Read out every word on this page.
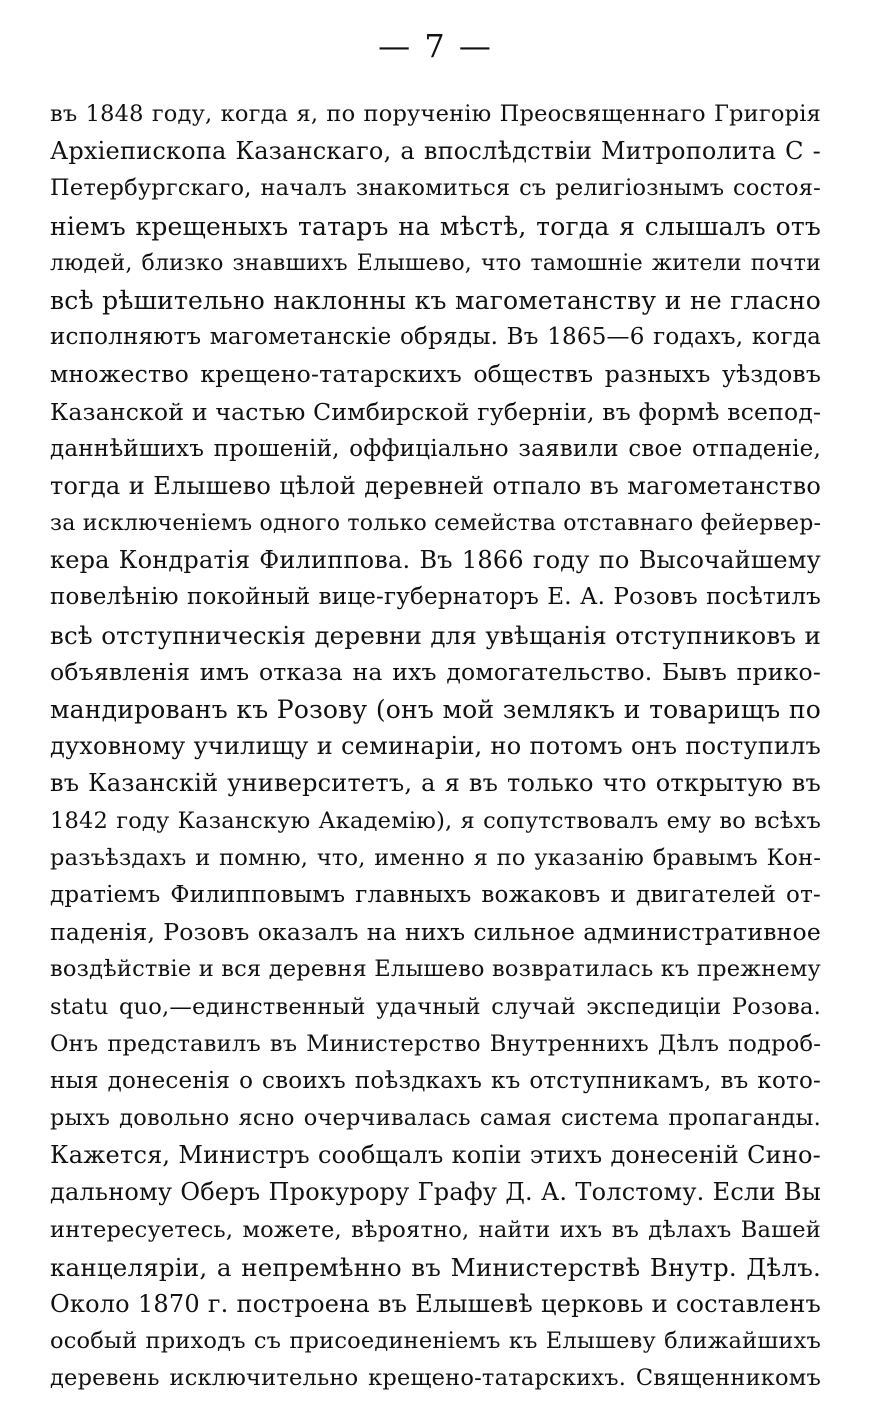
— 7 —
въ 1848 году, когда я, по порученію Преосвященнаго Григорія
Архіепископа Казанскаго, а впослѣдствіи Митрополита С -
Петербургскаго, началъ знакомиться съ религіознымъ состоя-
ніемъ крещеныхъ татаръ на мѣстѣ, тогда я слышалъ отъ
людей, близко знавшихъ Елышево, что тамошніе жители почти
всѣ рѣшительно наклонны къ магометанству и не гласно
исполняютъ магометанскіе обряды. Въ 1865—6 годахъ, когда
множество крещено-татарскихъ обществъ разныхъ уѣздовъ
Казанской и частью Симбирской губерніи, въ формѣ всепод-
даннѣйшихъ прошеній, оффиціально заявили свое отпаденіе,
тогда и Елышево цѣлой деревней отпало въ магометанство
за исключеніемъ одного только семейства отставнаго фейервер-
кера Кондратія Филиппова. Въ 1866 году по Высочайшему
повелѣнію покойный вице-губернаторъ Е. А. Розовъ посѣтилъ
всѣ отступническія деревни для увѣщанія отступниковъ и
объявленія имъ отказа на ихъ домогательство. Бывъ прико-
мандированъ къ Розову (онъ мой землякъ и товарищъ по
духовному училищу и семинаріи, но потомъ онъ поступилъ
въ Казанскій университетъ, а я въ только что открытую въ
1842 году Казанскую Академію), я сопутствовалъ ему во всѣхъ
разъѣздахъ и помню, что, именно я по указанію бравымъ Кон-
дратіемъ Филипповымъ главныхъ вожаковъ и двигателей от-
паденія, Розовъ оказалъ на нихъ сильное административное
воздѣйствіе и вся деревня Елышево возвратилась къ прежнему
statu quo,—единственный удачный случай экспедиціи Розова.
Онъ представилъ въ Министерство Внутреннихъ Дѣлъ подроб-
ныя донесенія о своихъ поѣздкахъ къ отступникамъ, въ кото-
рыхъ довольно ясно очерчивалась самая система пропаганды.
Кажется, Министръ сообщалъ копіи этихъ донесеній Сино-
дальному Оберъ Прокурору Графу Д. А. Толстому. Если Вы
интересуетесь, можете, вѣроятно, найти ихъ въ дѣлахъ Вашей
канцеляріи, а непремѣнно въ Министерствѣ Внутр. Дѣлъ.
Около 1870 г. построена въ Елышевѣ церковь и составленъ
особый приходъ съ присоединеніемъ къ Елышеву ближайшихъ
деревень исключительно крещено-татарскихъ. Священникомъ
